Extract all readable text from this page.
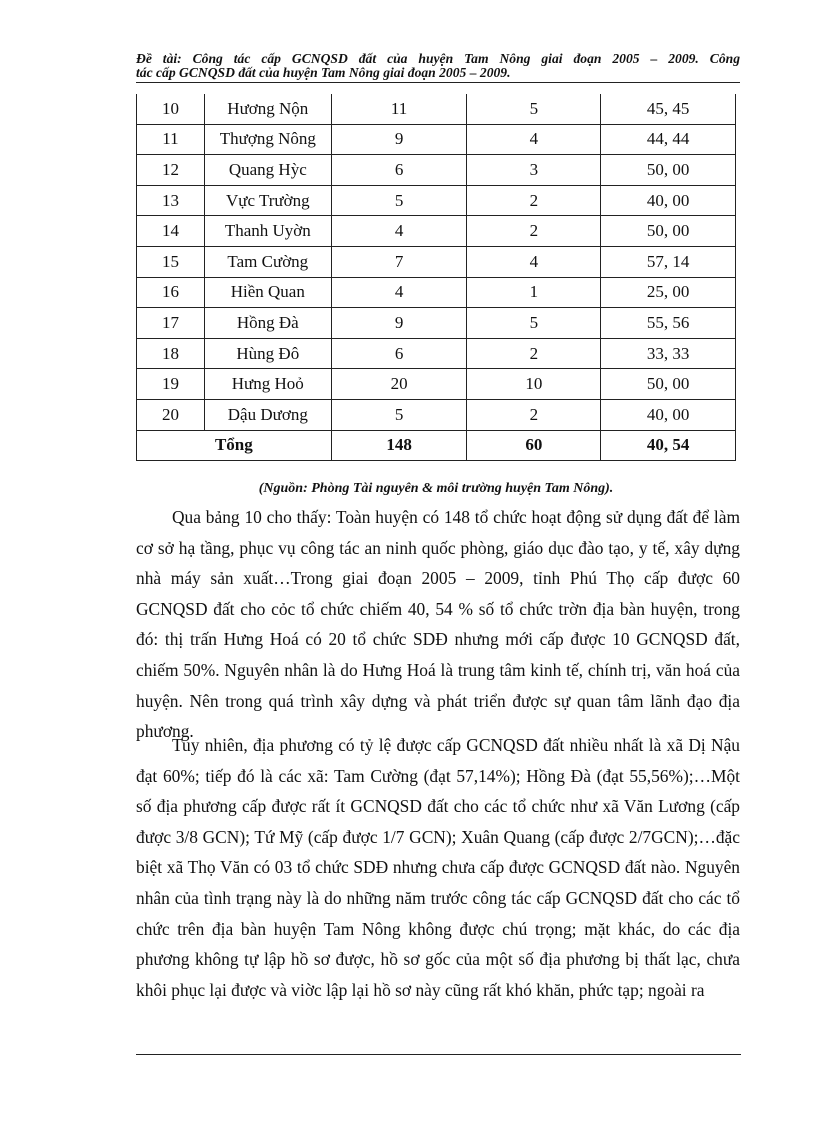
Đề tài: Công tác cấp GCNQSD đất của huyện Tam Nông giai đoạn 2005 – 2009. Công
tác cấp GCNQSD đất của huyện Tam Nông giai đoạn 2005 – 2009.
10	Hương Nộn	11	5	45, 45
11	Thượng Nông	9	4	44, 44
12	Quang Hỳc	6	3	50, 00
13	Vực Trường	5	2	40, 00
14	Thanh Uyờn	4	2	50, 00
15	Tam Cường	7	4	57, 14
16	Hiền Quan	4	1	25, 00
17	Hồng Đà	9	5	55, 56
18	Hùng Đô	6	2	33, 33
19	Hưng Hoỏ	20	10	50, 00
20	Dậu Dương	5	2	40, 00
Tổng		148	60	40, 54
(Nguồn: Phòng Tài nguyên & môi trường huyện Tam Nông).

Qua bảng 10 cho thấy: Toàn huyện có 148 tổ chức hoạt động sử dụng đất để làm cơ sở hạ tầng, phục vụ công tác an ninh quốc phòng, giáo dục đào tạo, y tế, xây dựng nhà máy sản xuất…Trong giai đoạn 2005 – 2009, tỉnh Phú Thọ cấp được 60 GCNQSD đất cho cỏc tổ chức chiếm 40, 54 % số tổ chức trờn địa bàn huyện, trong đó: thị trấn Hưng Hoá có 20 tổ chức SDĐ nhưng mới cấp được 10 GCNQSD đất, chiếm 50%. Nguyên nhân là do Hưng Hoá là trung tâm kinh tế, chính trị, văn hoá của huyện. Nên trong quá trình xây dựng và phát triển được sự quan tâm lãnh đạo địa phương.

Tuy nhiên, địa phương có tỷ lệ được cấp GCNQSD đất nhiều nhất là xã Dị Nậu đạt 60%; tiếp đó là các xã: Tam Cường (đạt 57,14%); Hồng Đà (đạt 55,56%);…Một số địa phương cấp được rất ít GCNQSD đất cho các tổ chức như xã Văn Lương (cấp được 3/8 GCN); Tứ Mỹ (cấp được 1/7 GCN); Xuân Quang (cấp được 2/7GCN);…đặc biệt xã Thọ Văn có 03 tổ chức SDĐ nhưng chưa cấp được GCNQSD đất nào. Nguyên nhân của tình trạng này là do những năm trước công tác cấp GCNQSD đất cho các tổ chức trên địa bàn huyện Tam Nông không được chú trọng; mặt khác, do các địa phương không tự lập hồ sơ được, hồ sơ gốc của một số địa phương bị thất lạc, chưa khôi phục lại được và viờc lập lại hồ sơ này cũng rất khó khăn, phức tạp; ngoài ra
